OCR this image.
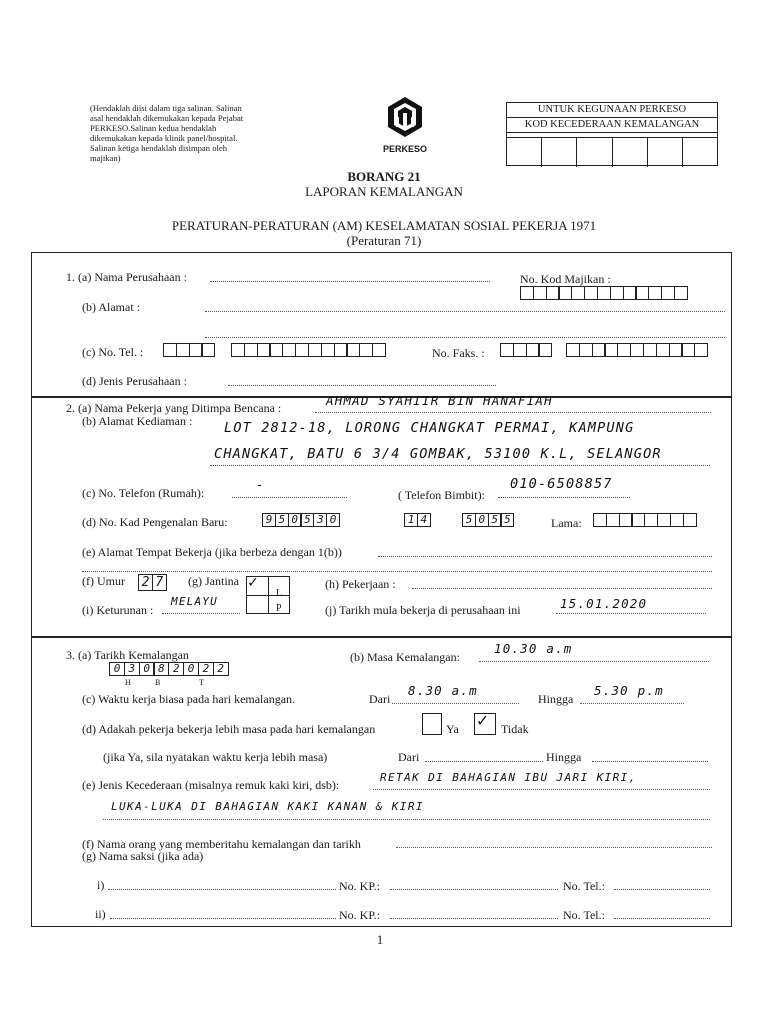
(Hendaklah diisi dalam tiga salinan. Salinan
asal hendaklah dikemukakan kepada Pejabat
PERKESO.Salinan kedua hendaklah
dikemukakan kepada klinik panel/hospital.
Salinan ketiga hendaklah disimpan oleh
majikan)
PERKESO
UNTUK KEGUNAAN PERKESO
KOD KECEDERAAN KEMALANGAN
BORANG 21
LAPORAN KEMALANGAN
PERATURAN-PERATURAN (AM) KESELAMATAN SOSIAL PEKERJA 1971
(Peraturan 71)
1. (a) Nama Perusahaan :	No. Kod Majikan :
(b) Alamat :
(c) No. Tel. :	No. Faks. :
(d) Jenis Perusahaan :
2. (a) Nama Pekerja yang Ditimpa Bencana :	AHMAD SYAHIIR BIN HANAFIAH
(b) Alamat Kediaman : LOT 2812-18, LORONG CHANGKAT PERMAI, KAMPUNG
CHANGKAT, BATU 6 3/4 GOMBAK, 53100 K.L, SELANGOR
(c) No. Telefon (Rumah):
-
( Telefon Bimbit):
010-6508857
(d) No. Kad Pengenalan Baru:	9 5 0 5 3 0	1 4	5 0 5 5	Lama:
(e) Alamat Tempat Bekerja (jika berbeza dengan 1(b))
(f) Umur 2 7 (g) Jantina
L
P
✓	(h) Pekerjaan :
(i) Keturunan :
MELAYU
(j) Tarikh mula bekerja di perusahaan ini	15.01.2020
3. (a) Tarikh Kemalangan
0 3 0 8 2 0 2 2
H	B	T
(b) Masa Kemalangan:
10.30 a.m
(c) Waktu kerja biasa pada hari kemalangan.	Dari
8.30 a.m
Hingga
5.30 p.m
(d) Adakah pekerja bekerja lebih masa pada hari kemalangan	Ya ✓ Tidak
(jika Ya, sila nyatakan waktu kerja lebih masa)	Dari	Hingga
(e) Jenis Kecederaan (misalnya remuk kaki kiri, dsb):
RETAK DI BAHAGIAN IBU JARI KIRI,
LUKA-LUKA DI BAHAGIAN KAKI KANAN & KIRI
(f) Nama orang yang memberitahu kemalangan dan tarikh
(g) Nama saksi (jika ada)
i)	No. KP.:	No. Tel.:
ii)	No. KP.:	No. Tel.:
1
